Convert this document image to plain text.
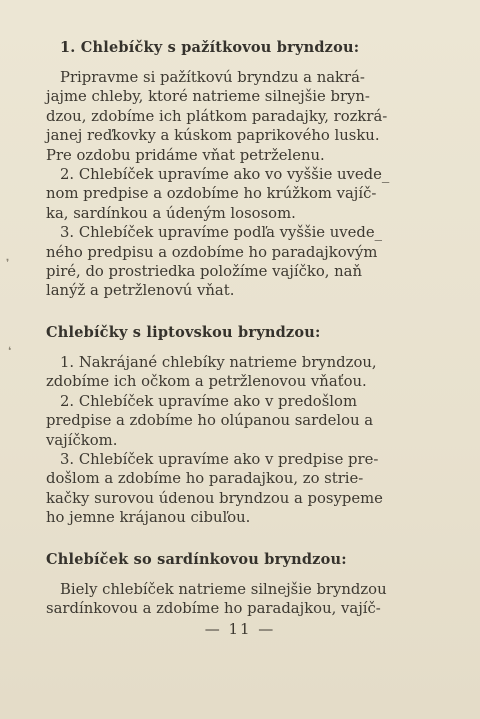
1. Chlebíčky s pažítkovou bryndzou:

Pripravme si pažítkovú bryndzu a nakrá-

jajme chleby, ktoré natrieme silnejšie bryn-

dzou, zdobíme ich plátkom paradajky, rozkrá-

janej reďkovky a kúskom paprikového lusku.

Pre ozdobu pridáme vňat petrželenu.

2. Chlebíček upravíme ako vo vyššie uvede_

nom predpise a ozdobíme ho krúžkom vajíč-

ka, sardínkou a údeným lososom.

3. Chlebíček upravíme podľa vyššie uvede_

ného predpisu a ozdobíme ho paradajkovým

piré, do prostriedka položíme vajíčko, naň

lanýž a petržlenovú vňat.

Chlebíčky s liptovskou bryndzou:

1. Nakrájané chlebíky natrieme bryndzou,

zdobíme ich očkom a petržlenovou vňaťou.

2. Chlebíček upravíme ako v predošlom

predpise a zdobíme ho olúpanou sardelou a

vajíčkom.

3. Chlebíček upravíme ako v predpise pre-

došlom a zdobíme ho paradajkou, zo strie-

kačky surovou údenou bryndzou a posypeme

ho jemne krájanou cibuľou.

Chlebíček so sardínkovou bryndzou:

Biely chlebíček natrieme silnejšie bryndzou

sardínkovou a zdobíme ho paradajkou, vajíč-

— 11 —
❜
❛
